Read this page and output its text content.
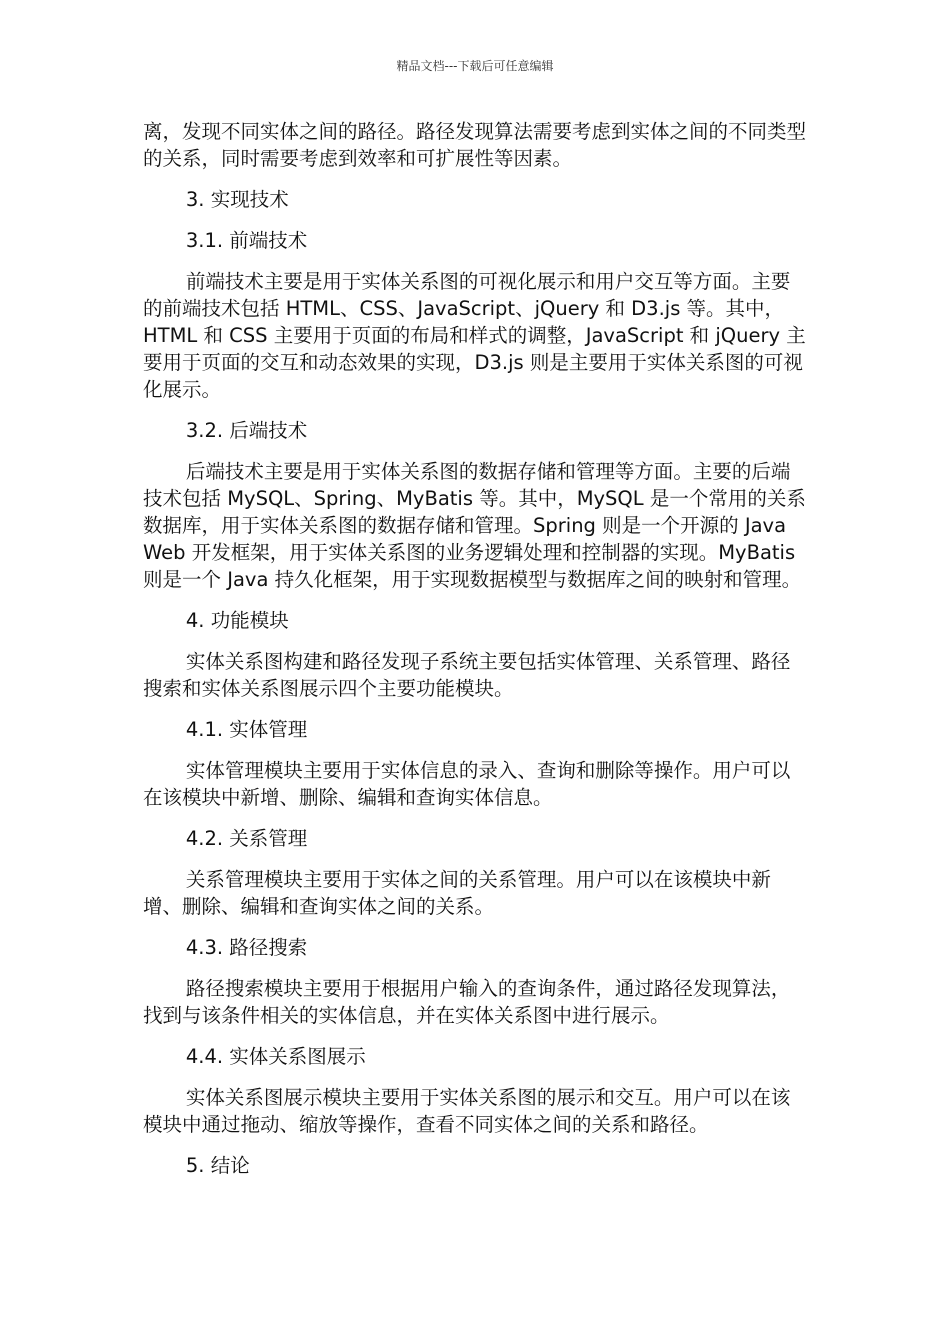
精品文档---下载后可任意编辑

离，发现不同实体之间的路径。路径发现算法需要考虑到实体之间的不同类型的关系，同时需要考虑到效率和可扩展性等因素。

3. 实现技术

3.1. 前端技术

前端技术主要是用于实体关系图的可视化展示和用户交互等方面。主要的前端技术包括 HTML、CSS、JavaScript、jQuery 和 D3.js 等。其中，HTML 和 CSS 主要用于页面的布局和样式的调整，JavaScript 和 jQuery 主要用于页面的交互和动态效果的实现，D3.js 则是主要用于实体关系图的可视化展示。

3.2. 后端技术

后端技术主要是用于实体关系图的数据存储和管理等方面。主要的后端技术包括 MySQL、Spring、MyBatis 等。其中，MySQL 是一个常用的关系数据库，用于实体关系图的数据存储和管理。Spring 则是一个开源的 Java Web 开发框架，用于实体关系图的业务逻辑处理和控制器的实现。MyBatis 则是一个 Java 持久化框架，用于实现数据模型与数据库之间的映射和管理。

4. 功能模块

实体关系图构建和路径发现子系统主要包括实体管理、关系管理、路径搜索和实体关系图展示四个主要功能模块。

4.1. 实体管理

实体管理模块主要用于实体信息的录入、查询和删除等操作。用户可以在该模块中新增、删除、编辑和查询实体信息。

4.2. 关系管理

关系管理模块主要用于实体之间的关系管理。用户可以在该模块中新增、删除、编辑和查询实体之间的关系。

4.3. 路径搜索

路径搜索模块主要用于根据用户输入的查询条件，通过路径发现算法，找到与该条件相关的实体信息，并在实体关系图中进行展示。

4.4. 实体关系图展示

实体关系图展示模块主要用于实体关系图的展示和交互。用户可以在该模块中通过拖动、缩放等操作，查看不同实体之间的关系和路径。

5. 结论
